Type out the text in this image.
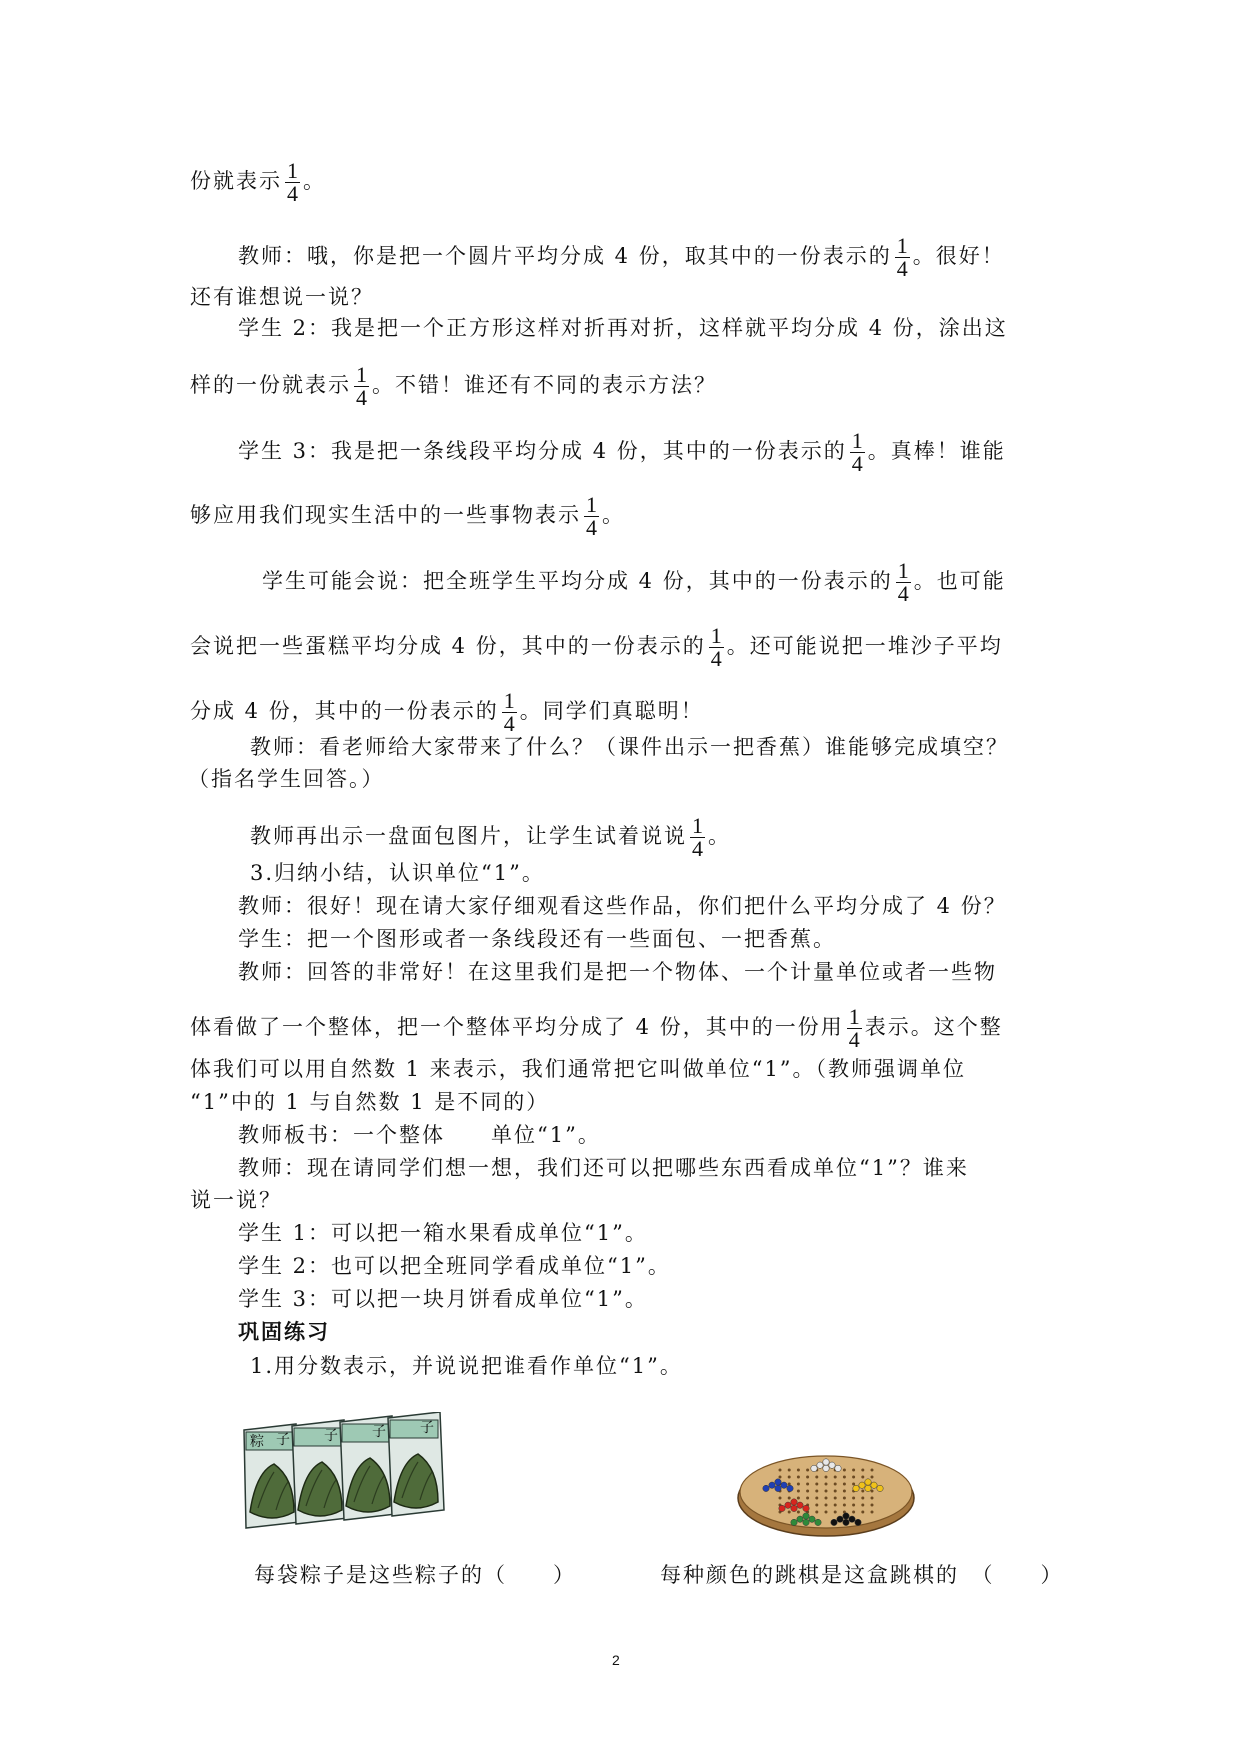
份就表示 $\frac{1}{4}$ 。
教师：哦，你是把一个圆片平均分成 4 份，取其中的一份表示的 $\frac{1}{4}$ 。很好！
还有谁想说一说？
学生 2：我是把一个正方形这样对折再对折，这样就平均分成 4 份，涂出这
样的一份就表示 $\frac{1}{4}$ 。不错！谁还有不同的表示方法？
学生 3：我是把一条线段平均分成 4 份，其中的一份表示的 $\frac{1}{4}$ 。真棒！谁能
够应用我们现实生活中的一些事物表示 $\frac{1}{4}$ 。
学生可能会说：把全班学生平均分成 4 份，其中的一份表示的 $\frac{1}{4}$ 。也可能
会说把一些蛋糕平均分成 4 份，其中的一份表示的 $\frac{1}{4}$ 。还可能说把一堆沙子平均
分成 4 份，其中的一份表示的 $\frac{1}{4}$ 。同学们真聪明！
教师：看老师给大家带来了什么？（课件出示一把香蕉）谁能够完成填空？
（指名学生回答。）
教师再出示一盘面包图片，让学生试着说说 $\frac{1}{4}$ 。
3.归纳小结，认识单位“1”。
教师：很好！现在请大家仔细观看这些作品，你们把什么平均分成了 4 份？
学生：把一个图形或者一条线段还有一些面包、一把香蕉。
教师：回答的非常好！在这里我们是把一个物体、一个计量单位或者一些物
体看做了一个整体，把一个整体平均分成了 4 份，其中的一份用 $\frac{1}{4}$ 表示。这个整
体我们可以用自然数 1 来表示，我们通常把它叫做单位“1”。（教师强调单位
“1”中的 1 与自然数 1 是不同的）
教师板书：一个整体　　单位“1”。
教师：现在请同学们想一想，我们还可以把哪些东西看成单位“1”？谁来
说一说？
学生 1：可以把一箱水果看成单位“1”。
学生 2：也可以把全班同学看成单位“1”。
学生 3：可以把一块月饼看成单位“1”。
巩固练习
1.用分数表示，并说说把谁看作单位“1”。
粽 子 子 子 子
每袋粽子是这些粽子的（　　）	每种颜色的跳棋是这盒跳棋的　（　　）
2
